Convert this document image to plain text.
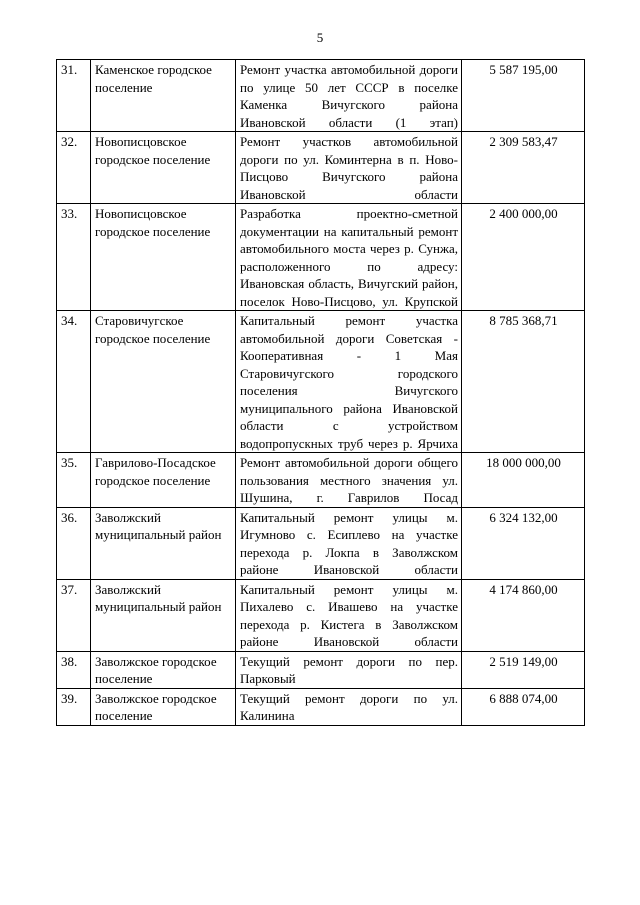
5
31.	Каменское городское поселение	Ремонт участка автомобильной дороги по улице 50 лет СССР в поселке Каменка Вичугского района Ивановской области (1 этап)	5 587 195,00
32.	Новописцовское городское поселение	Ремонт участков автомобильной дороги по ул. Коминтерна в п. Ново-Писцово Вичугского района Ивановской области	2 309 583,47
33.	Новописцовское городское поселение	Разработка проектно-сметной документации на капитальный ремонт автомобильного моста через р. Сунжа, расположенного по адресу: Ивановская область, Вичугский район, поселок Ново-Писцово, ул. Крупской	2 400 000,00
34.	Старовичугское городское поселение	Капитальный ремонт участка автомобильной дороги Советская - Кооперативная - 1 Мая Старовичугского городского поселения Вичугского муниципального района Ивановской области с устройством водопропускных труб через р. Ярчиха	8 785 368,71
35.	Гаврилово-Посадское городское поселение	Ремонт автомобильной дороги общего пользования местного значения ул. Шушина, г. Гаврилов Посад	18 000 000,00
36.	Заволжский муниципальный район	Капитальный ремонт улицы м. Игумново с. Есиплево на участке перехода р. Локпа в Заволжском районе Ивановской области	6 324 132,00
37.	Заволжский муниципальный район	Капитальный ремонт улицы м. Пихалево с. Ивашево на участке перехода р. Кистега в Заволжском районе Ивановской области	4 174 860,00
38.	Заволжское городское поселение	Текущий ремонт дороги по пер. Парковый	2 519 149,00
39.	Заволжское городское поселение	Текущий ремонт дороги по ул. Калинина	6 888 074,00
